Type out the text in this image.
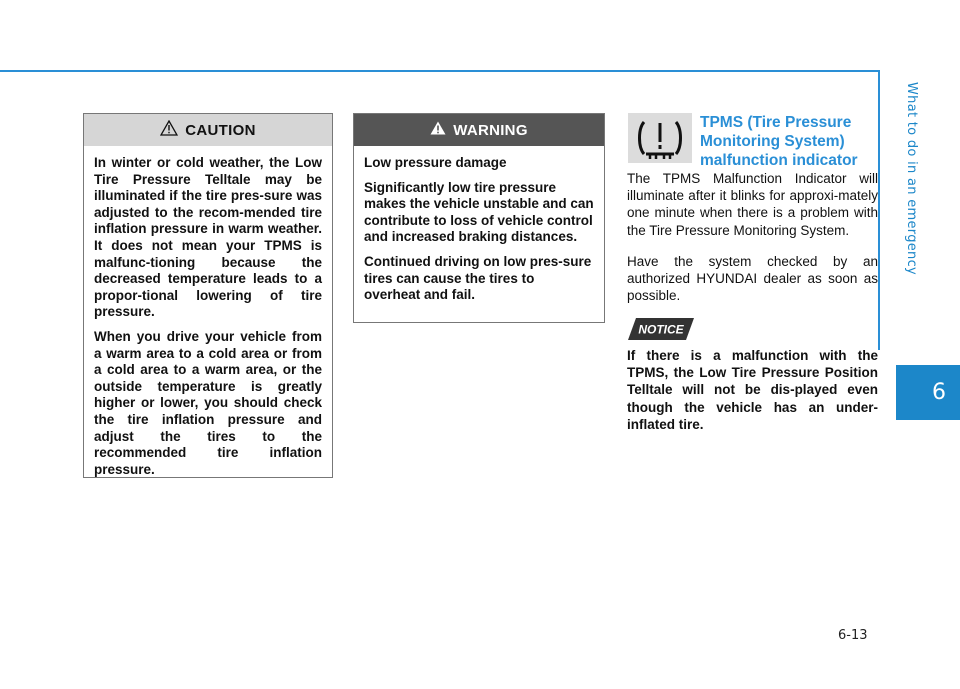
What to do in an emergency
6
CAUTION

In winter or cold weather, the Low Tire Pressure Telltale may be illuminated if the tire pres-sure was adjusted to the recom-mended tire inflation pressure in warm weather. It does not mean your TPMS is malfunc-tioning because the decreased temperature leads to a propor-tional lowering of tire pressure.

When you drive your vehicle from a warm area to a cold area or from a cold area to a warm area, or the outside temperature is greatly higher or lower, you should check the tire inflation pressure and adjust the tires to the recommended tire inflation pressure.

WARNING

Low pressure damage

Significantly low tire pressure makes the vehicle unstable and can contribute to loss of vehicle control and increased braking distances.

Continued driving on low pres-sure tires can cause the tires to overheat and fail.

TPMS (Tire Pressure Monitoring System) malfunction indicator

The TPMS Malfunction Indicator will illuminate after it blinks for approxi-mately one minute when there is a problem with the Tire Pressure Monitoring System.

Have the system checked by an authorized HYUNDAI dealer as soon as possible.

NOTICE

If there is a malfunction with the TPMS, the Low Tire Pressure Position Telltale will not be dis-played even though the vehicle has an under-inflated tire.

6-13
